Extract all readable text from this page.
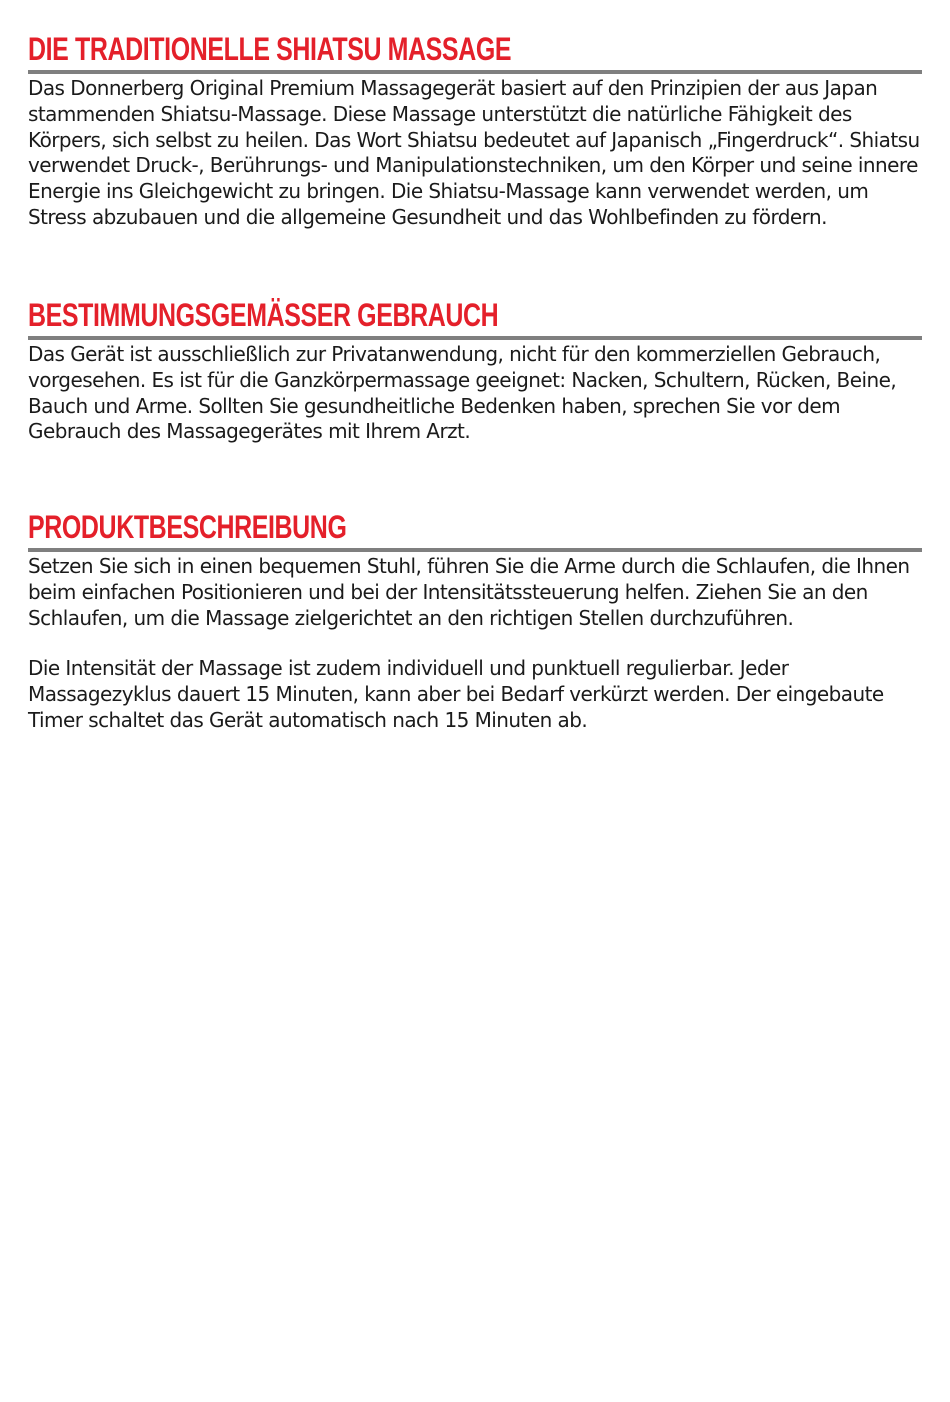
DIE TRADITIONELLE SHIATSU MASSAGE

Das Donnerberg Original Premium Massagegerät basiert auf den Prinzipien der aus Japan stammenden Shiatsu-Massage. Diese Massage unterstützt die natürliche Fähigkeit des Körpers, sich selbst zu heilen. Das Wort Shiatsu bedeutet auf Japanisch „Fingerdruck“. Shiatsu verwendet Druck-, Berührungs- und Manipulationstechniken, um den Körper und seine innere Energie ins Gleichgewicht zu bringen. Die Shiatsu-Massage kann verwendet werden, um Stress abzubauen und die allgemeine Gesundheit und das Wohlbefinden zu fördern.

BESTIMMUNGSGEMÄSSER GEBRAUCH

Das Gerät ist ausschließlich zur Privatanwendung, nicht für den kommerziellen Gebrauch, vorgesehen. Es ist für die Ganzkörpermassage geeignet: Nacken, Schultern, Rücken, Beine, Bauch und Arme. Sollten Sie gesundheitliche Bedenken haben, sprechen Sie vor dem Gebrauch des Massagegerätes mit Ihrem Arzt.

PRODUKTBESCHREIBUNG

Setzen Sie sich in einen bequemen Stuhl, führen Sie die Arme durch die Schlaufen, die Ihnen beim einfachen Positionieren und bei der Intensitätssteuerung helfen. Ziehen Sie an den Schlaufen, um die Massage zielgerichtet an den richtigen Stellen durchzuführen.

Die Intensität der Massage ist zudem individuell und punktuell regulierbar. Jeder Massagezyklus dauert 15 Minuten, kann aber bei Bedarf verkürzt werden. Der eingebaute Timer schaltet das Gerät automatisch nach 15 Minuten ab.
